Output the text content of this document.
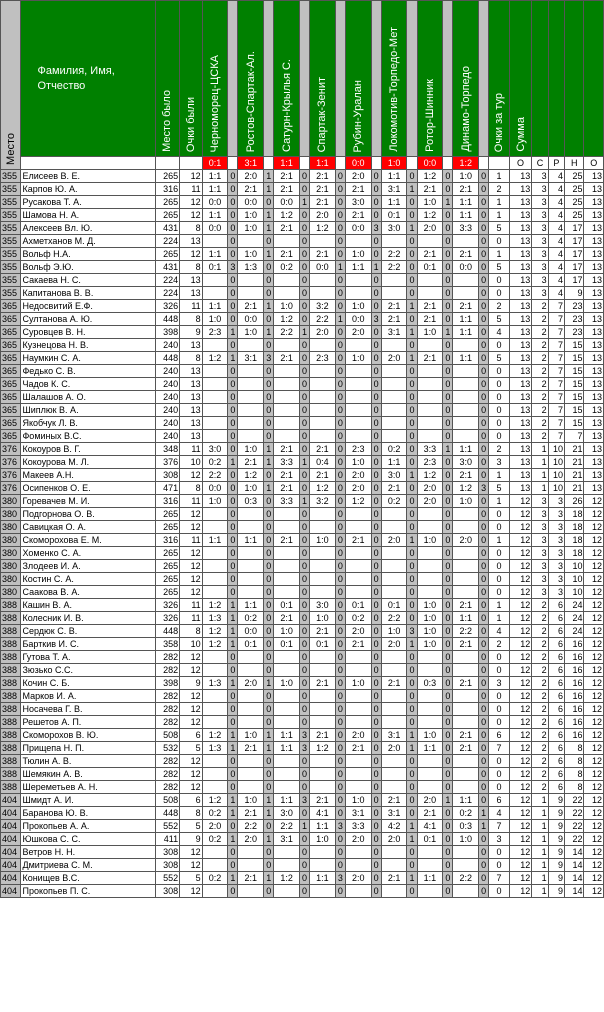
Место	Фамилия, Имя, Отчество	Место было	Очки были	Черноморец-ЦСКА		Ростов-Спартак-Ал.		Сатурн-Крылья С.		Спартак-Зенит		Рубин-Уралан		Локомотив-Торпедо-Мет		Ротор-Шинник		Динамо-Торпедо		Очки за тур	Сумма				

				0:1		3:1		1:1		1:1		0:0		1:0		0:0		1:2			О	С	Р	Н	О
355	Елисеев В. Е.	265	12	1:1	0	2:0	1	2:1	0	2:1	0	2:0	0	1:1	0	1:2	0	1:0	0	1	13	3	4	25	13
355	Карпов Ю. А.	316	11	1:1	0	2:1	1	2:1	0	2:1	0	2:1	0	3:1	1	2:1	0	2:1	0	2	13	3	4	25	13
355	Русакова Т. А.	265	12	0:0	0	0:0	0	0:0	1	2:1	0	3:0	0	1:1	0	1:0	1	1:1	0	1	13	3	4	25	13
355	Шамова Н. А.	265	12	1:1	0	1:0	1	1:2	0	2:0	0	2:1	0	0:1	0	1:2	0	1:1	0	1	13	3	4	25	13
355	Алексеев Вл. Ю.	431	8	0:0	0	1:0	1	2:1	0	1:2	0	0:0	3	3:0	1	2:0	0	3:3	0	5	13	3	4	17	13
355	Ахметханов М. Д.	224	13		0		0		0		0		0		0		0		0	0	13	3	4	17	13
355	Вольф Н.А.	265	12	1:1	0	1:0	1	2:1	0	2:1	0	1:0	0	2:2	0	2:1	0	2:1	0	1	13	3	4	17	13
355	Вольф Э.Ю.	431	8	0:1	3	1:3	0	0:2	0	0:0	1	1:1	1	2:2	0	0:1	0	0:0	0	5	13	3	4	17	13
355	Сакаева Н. С.	224	13		0		0		0		0		0		0		0		0	0	13	3	4	17	13
355	Капитанова В. В.	224	13		0		0		0		0		0		0		0		0	0	13	3	4	9	13
365	Недосвитий Е.Ф.	326	11	1:1	0	2:1	1	1:0	0	3:2	0	1:0	0	2:1	1	2:1	0	2:1	0	2	13	2	7	23	13
365	Султанова А. Ю.	448	8	1:0	0	0:0	0	1:2	0	2:2	1	0:0	3	2:1	0	2:1	0	1:1	0	5	13	2	7	23	13
365	Суровцев В. Н.	398	9	2:3	1	1:0	1	2:2	1	2:0	0	2:0	0	3:1	1	1:0	1	1:1	0	4	13	2	7	23	13
365	Кузнецова Н. В.	240	13		0		0		0		0		0		0		0		0	0	13	2	7	15	13
365	Наумкин С. А.	448	8	1:2	1	3:1	3	2:1	0	2:3	0	1:0	0	2:0	1	2:1	0	1:1	0	5	13	2	7	15	13
365	Федько С. В.	240	13		0		0		0		0		0		0		0		0	0	13	2	7	15	13
365	Чадов К. С.	240	13		0		0		0		0		0		0		0		0	0	13	2	7	15	13
365	Шалашов А. О.	240	13		0		0		0		0		0		0		0		0	0	13	2	7	15	13
365	Шиплюк В. А.	240	13		0		0		0		0		0		0		0		0	0	13	2	7	15	13
365	Якобчук Л. В.	240	13		0		0		0		0		0		0		0		0	0	13	2	7	15	13
365	Фоминых В.С.	240	13		0		0		0		0		0		0		0		0	0	13	2	7	7	13
376	Кокоуров В. Г.	348	11	3:0	0	1:0	1	2:1	0	2:1	0	2:3	0	0:2	0	3:3	1	1:1	0	2	13	1	10	21	13
376	Кокоурова М. Л.	376	10	0:2	1	2:1	1	3:3	1	0:4	0	1:0	0	1:1	0	2:3	0	3:0	0	3	13	1	10	21	13
376	Макеев А.Н.	308	12	2:2	0	1:2	0	2:1	0	2:1	0	2:0	0	3:0	1	1:2	0	2:1	0	1	13	1	10	21	13
376	Осипенков О. Е.	471	8	0:0	0	1:0	1	2:1	0	1:2	0	2:0	0	2:1	0	2:0	0	1:2	3	5	13	1	10	21	13
380	Горевачев М. И.	316	11	1:0	0	0:3	0	3:3	1	3:2	0	1:2	0	0:2	0	2:0	0	1:0	0	1	12	3	3	26	12
380	Подгорнова О. В.	265	12		0		0		0		0		0		0		0		0	0	12	3	3	18	12
380	Савицкая О. А.	265	12		0		0		0		0		0		0		0		0	0	12	3	3	18	12
380	Скоморохова Е. М.	316	11	1:1	0	1:1	0	2:1	0	1:0	0	2:1	0	2:0	1	1:0	0	2:0	0	1	12	3	3	18	12
380	Хоменко С. А.	265	12		0		0		0		0		0		0		0		0	0	12	3	3	18	12
380	Злодеев И. А.	265	12		0		0		0		0		0		0		0		0	0	12	3	3	10	12
380	Костин С. А.	265	12		0		0		0		0		0		0		0		0	0	12	3	3	10	12
380	Саакова В. А.	265	12		0		0		0		0		0		0		0		0	0	12	3	3	10	12
388	Кашин В. А.	326	11	1:2	1	1:1	0	0:1	0	3:0	0	0:1	0	0:1	0	1:0	0	2:1	0	1	12	2	6	24	12
388	Колесник И. В.	326	11	1:3	1	0:2	0	2:1	0	1:0	0	0:2	0	2:2	0	1:0	0	1:1	0	1	12	2	6	24	12
388	Сердюк С. В.	448	8	1:2	1	0:0	0	1:0	0	2:1	0	2:0	0	1:0	3	1:0	0	2:2	0	4	12	2	6	24	12
388	Барткив И. С.	358	10	1:2	1	0:1	0	0:1	0	0:1	0	2:1	0	2:0	1	1:0	0	2:1	0	2	12	2	6	16	12
388	Гутова Т. А.	282	12		0		0		0		0		0		0		0		0	0	12	2	6	16	12
388	Зюзько С.С.	282	12		0		0		0		0		0		0		0		0	0	12	2	6	16	12
388	Кочин С. Б.	398	9	1:3	1	2:0	1	1:0	0	2:1	0	1:0	0	2:1	0	0:3	0	2:1	0	3	12	2	6	16	12
388	Марков И. А.	282	12		0		0		0		0		0		0		0		0	0	12	2	6	16	12
388	Носачева Г. В.	282	12		0		0		0		0		0		0		0		0	0	12	2	6	16	12
388	Решетов А. П.	282	12		0		0		0		0		0		0		0		0	0	12	2	6	16	12
388	Скоморохов В. Ю.	508	6	1:2	1	1:0	1	1:1	3	2:1	0	2:0	0	3:1	1	1:0	0	2:1	0	6	12	2	6	16	12
388	Прищепа Н. П.	532	5	1:3	1	2:1	1	1:1	3	1:2	0	2:1	0	2:0	1	1:1	0	2:1	0	7	12	2	6	8	12
388	Тюлин А. В.	282	12		0		0		0		0		0		0		0		0	0	12	2	6	8	12
388	Шемякин А. В.	282	12		0		0		0		0		0		0		0		0	0	12	2	6	8	12
388	Шереметьев А. Н.	282	12		0		0		0		0		0		0		0		0	0	12	2	6	8	12
404	Шмидт А. И.	508	6	1:2	1	1:0	1	1:1	3	2:1	0	1:0	0	2:1	0	2:0	1	1:1	0	6	12	1	9	22	12
404	Баранова Ю. В.	448	8	0:2	1	2:1	1	3:0	0	4:1	0	3:1	0	3:1	0	2:1	0	0:2	1	4	12	1	9	22	12
404	Прокопьев А. А.	552	5	2:0	0	2:2	0	2:2	1	1:1	3	3:3	0	4:2	1	4:1	0	0:3	1	7	12	1	9	22	12
404	Юшкова С. С.	411	9	0:2	1	2:0	1	3:1	0	1:0	0	2:0	0	2:0	1	0:1	0	1:0	0	3	12	1	9	22	12
404	Ветров Н. Н.	308	12		0		0		0		0		0		0		0		0	0	12	1	9	14	12
404	Дмитриева С. М.	308	12		0		0		0		0		0		0		0		0	0	12	1	9	14	12
404	Конищев В.С.	552	5	0:2	1	2:1	1	1:2	0	1:1	3	2:0	0	2:1	1	1:1	0	2:2	0	7	12	1	9	14	12
404	Прокопьев П. С.	308	12		0		0		0		0		0		0		0		0	0	12	1	9	14	12
